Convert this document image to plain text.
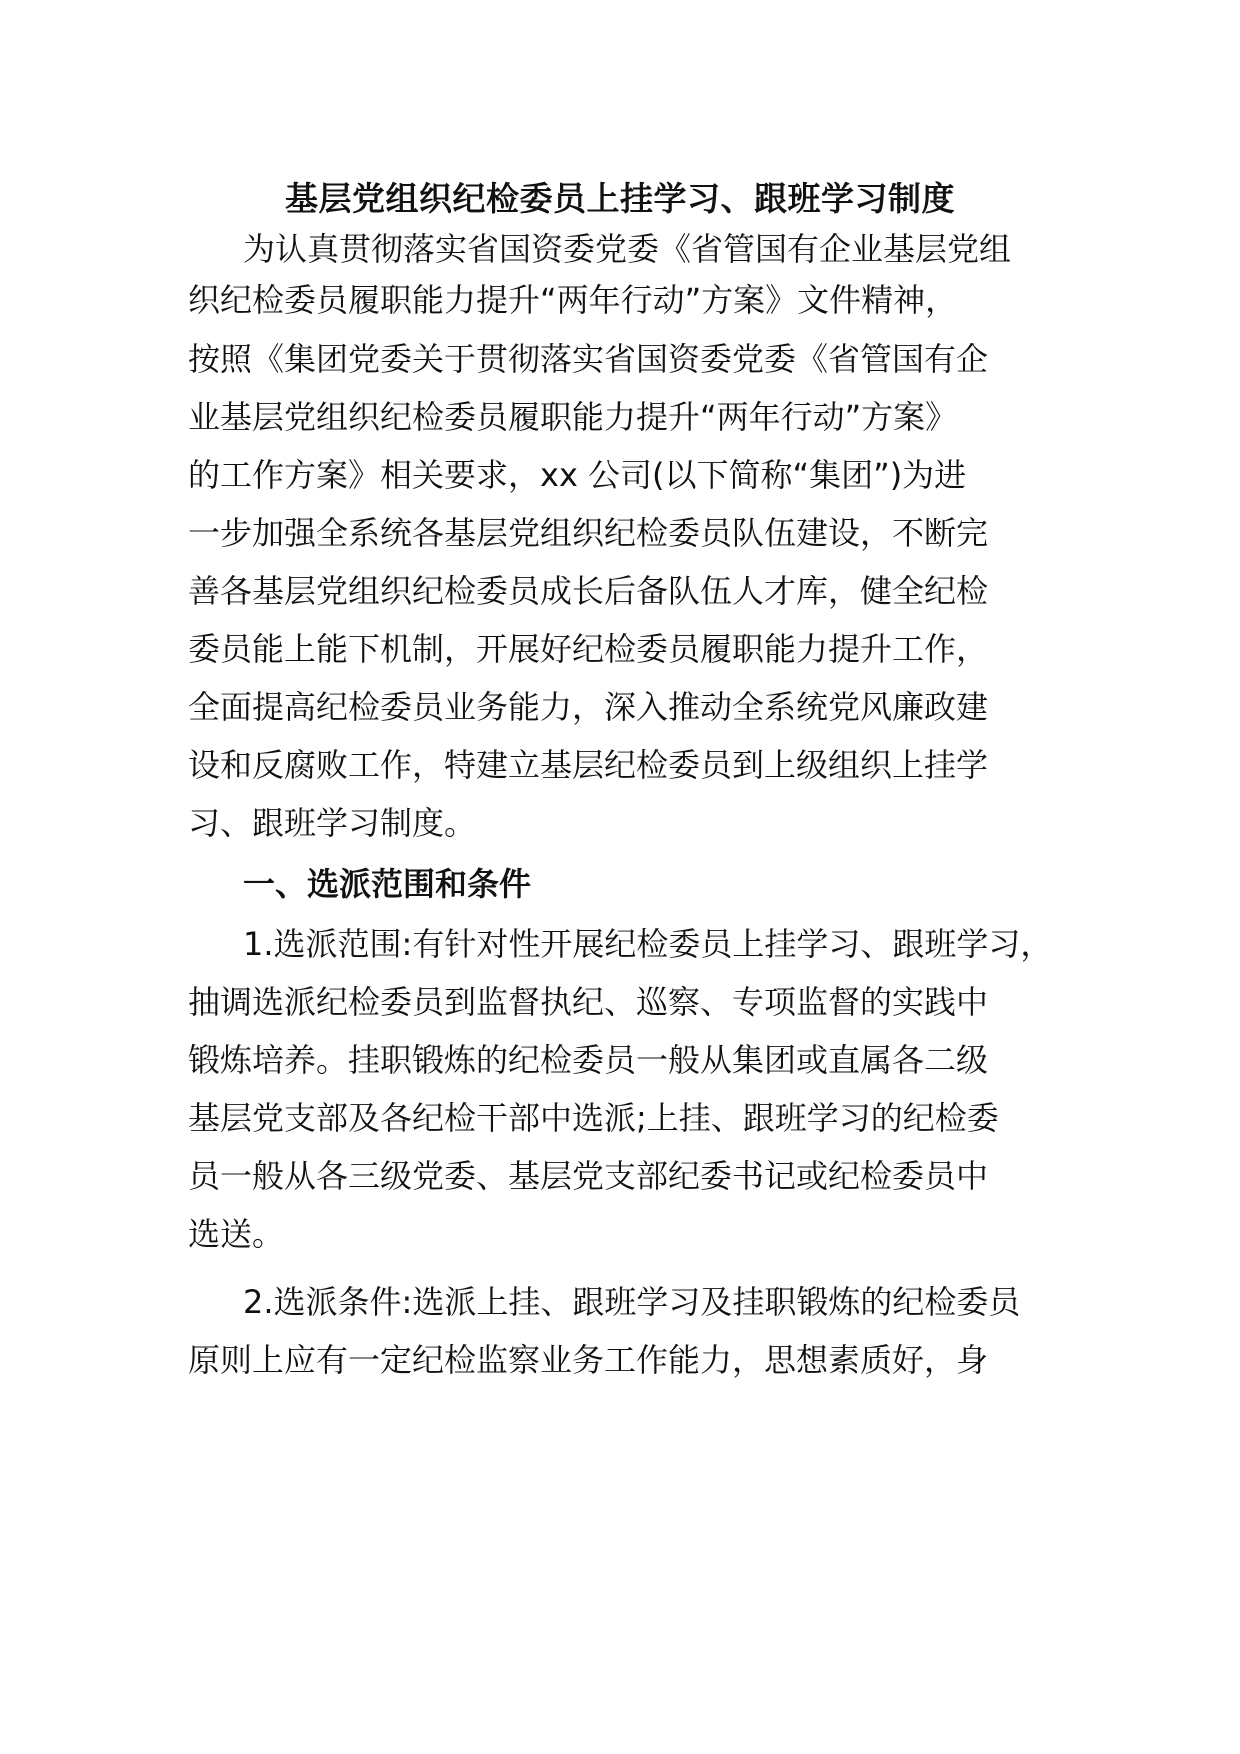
基层党组织纪检委员上挂学习、跟班学习制度
为认真贯彻落实省国资委党委《省管国有企业基层党组
织纪检委员履职能力提升“两年行动”方案》文件精神，
按照《集团党委关于贯彻落实省国资委党委《省管国有企
业基层党组织纪检委员履职能力提升“两年行动”方案》
的工作方案》相关要求，xx 公司(以下简称“集团”)为进
一步加强全系统各基层党组织纪检委员队伍建设，不断完
善各基层党组织纪检委员成长后备队伍人才库，健全纪检
委员能上能下机制，开展好纪检委员履职能力提升工作，
全面提高纪检委员业务能力，深入推动全系统党风廉政建
设和反腐败工作，特建立基层纪检委员到上级组织上挂学
习、跟班学习制度。
一、选派范围和条件
1.选派范围:有针对性开展纪检委员上挂学习、跟班学习，
抽调选派纪检委员到监督执纪、巡察、专项监督的实践中
锻炼培养。挂职锻炼的纪检委员一般从集团或直属各二级
基层党支部及各纪检干部中选派;上挂、跟班学习的纪检委
员一般从各三级党委、基层党支部纪委书记或纪检委员中
选送。
2.选派条件:选派上挂、跟班学习及挂职锻炼的纪检委员
原则上应有一定纪检监察业务工作能力，思想素质好，身
